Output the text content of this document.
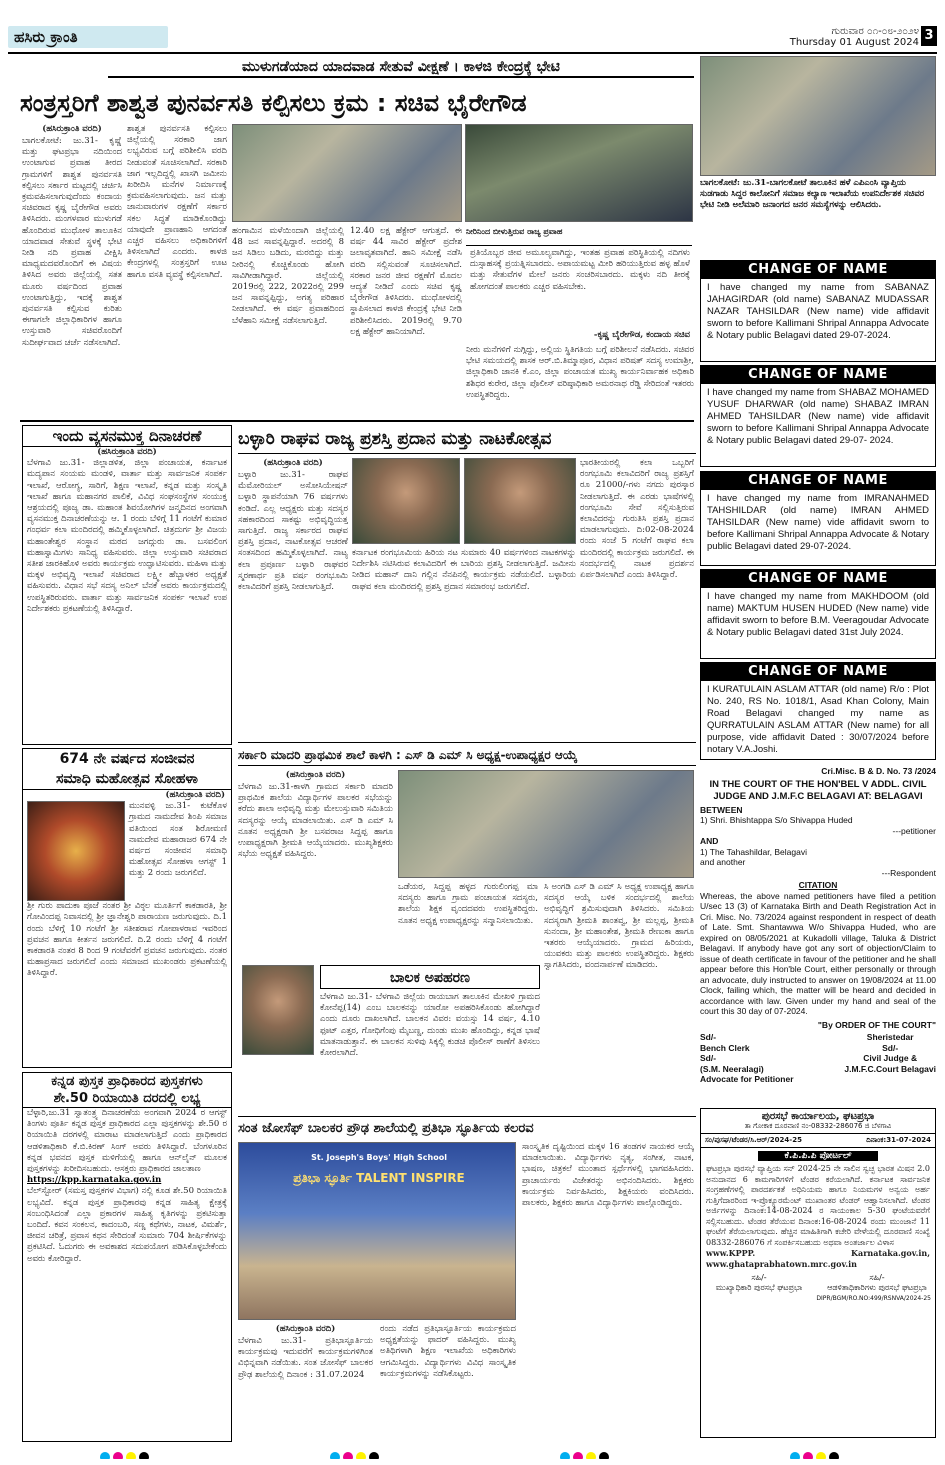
ಹಸಿರು ಕ್ರಾಂತಿ	ಗುರುವಾರ ೦೧-೦೮-೨೦೨೪
Thursday 01 August 2024 3
ಮುಳುಗಡೆಯಾದ ಯಾದವಾಡ ಸೇತುವೆ ವೀಕ್ಷಣೆ । ಕಾಳಜಿ ಕೇಂದ್ರಕ್ಕೆ ಭೇಟಿ
ಸಂತ್ರಸ್ತರಿಗೆ ಶಾಶ್ವತ ಪುನರ್ವಸತಿ ಕಲ್ಪಿಸಲು ಕ್ರಮ : ಸಚಿವ ಭೈರೇಗೌಡ
(ಹಸಿರುಕ್ರಾಂತಿ ವರದಿ)
ಬಾಗಲಕೋಟೆ: ಜು.31- ಕೃಷ್ಣೆ ಮತ್ತು ಘಟಪ್ರಭಾ ನದಿಯಿಂದ ಉಂಟಾಗುವ ಪ್ರವಾಹ ತೀರದ ಗ್ರಾಮಗಳಿಗೆ ಶಾಶ್ವತ ಪುನರ್ವಸತಿ ಕಲ್ಪಿಸಲು ಸರ್ಕಾರ ಮಟ್ಟದಲ್ಲಿ ಚರ್ಚಿಸಿ ಕ್ರಮವಹಿಸಲಾಗುವುದೆಂದು ಕಂದಾಯ ಸಚಿವರಾದ ಕೃಷ್ಣ ಬೈರೇಗೌಡ ಅವರು ತಿಳಿಸಿದರು. ಮಂಗಳವಾರ ಮುಳುಗಡೆ ಹೊಂದಿರುವ ಮುಧೋಳ ತಾಲೂಕಿನ ಯಾದವಾಡ ಸೇತುವೆ ಸ್ಥಳಕ್ಕೆ ಭೇಟಿ ನೀಡಿ ನದಿ ಪ್ರವಾಹ ವೀಕ್ಷಿಸಿ ಮಾಧ್ಯಮದವರೊಂದಿಗೆ ಈ ವಿಷಯ ತಿಳಿಸಿದ ಅವರು ಜಿಲ್ಲೆಯಲ್ಲಿ ಸತತ ಮೂರು ವರ್ಷದಿಂದ ಪ್ರವಾಹ ಉಂಟಾಗುತ್ತಿದ್ದು, ಇದಕ್ಕೆ ಶಾಶ್ವತ ಪುನರ್ವಸತಿ ಕಲ್ಪಿಸುವ ಕುರಿತು ಈಗಾಗಲೇ ಜಿಲ್ಲಾಧಿಕಾರಿಗಳ ಹಾಗೂ ಉಸ್ತುವಾರಿ ಸಚಿವರೊಂದಿಗೆ ಸುದೀರ್ಘವಾದ ಚರ್ಚೆ ನಡೆಸಲಾಗಿದೆ.
ಶಾಶ್ವತ ಪುನರ್ವಸತಿ ಕಲ್ಪಿಸಲು ಜಿಲ್ಲೆಯಲ್ಲಿ ಸರಕಾರಿ ಜಾಗ ಲಭ್ಯವಿರುವ ಬಗ್ಗೆ ಪರಿಶೀಲಿಸಿ ವರದಿ ನೀಡುವಂತೆ ಸೂಚಿಸಲಾಗಿದೆ. ಸರಕಾರಿ ಜಾಗ ಇಲ್ಲದಿದ್ದಲ್ಲಿ ಖಾಸಗಿ ಜಮೀನು ಖರೀದಿಸಿ ಮನೆಗಳ ನಿರ್ಮಾಣಕ್ಕೆ ಕ್ರಮವಹಿಸಲಾಗುವುದು. ಜನ ಮತ್ತು ಜಾನುವಾರುಗಳ ರಕ್ಷಣೆಗೆ ಸರ್ಕಾರ ಸಕಲ ಸಿದ್ಧತೆ ಮಾಡಿಕೊಂಡಿದ್ದು ಯಾವುದೇ ಪ್ರಾಣಹಾನಿ ಆಗದಂತೆ ಎಚ್ಚರ ವಹಿಸಲು ಅಧಿಕಾರಿಗಳಿಗೆ ತಿಳಿಸಲಾಗಿದೆ ಎಂದರು. ಕಾಳಜಿ ಕೇಂದ್ರಗಳಲ್ಲಿ ಸಂತ್ರಸ್ತರಿಗೆ ಊಟ ಹಾಗೂ ವಸತಿ ವ್ಯವಸ್ಥೆ ಕಲ್ಪಿಸಲಾಗಿದೆ.
ಹಂಗಾಮಿನ ಮಳೆಯಿಂದಾಗಿ ಜಿಲ್ಲೆಯಲ್ಲಿ 48 ಜನ ಸಾವನ್ನಪ್ಪಿದ್ದಾರೆ. ಅದರಲ್ಲಿ 8 ಜನ ಸಿಡಿಲು ಬಡಿದು, ಮರಬಿದ್ದು ಮತ್ತು ನೀರಿನಲ್ಲಿ ಕೊಚ್ಚಿಕೊಂಡು ಹೋಗಿ ಸಾವಿಗೀಡಾಗಿದ್ದಾರೆ. ಜಿಲ್ಲೆಯಲ್ಲಿ 2019ರಲ್ಲಿ 222, 2022ರಲ್ಲಿ 299 ಜನ ಸಾವನ್ನಪ್ಪಿದ್ದು, ಅಗತ್ಯ ಪರಿಹಾರ ನೀಡಲಾಗಿದೆ. ಈ ವರ್ಷ ಪ್ರವಾಹದಿಂದ ಬೆಳೆಹಾನಿ ಸಮೀಕ್ಷೆ ನಡೆಸಲಾಗುತ್ತಿದೆ.
12.40 ಲಕ್ಷ ಹೆಕ್ಟೇರ್ ಆಗುತ್ತದೆ. ಈ ವರ್ಷ 44 ಸಾವಿರ ಹೆಕ್ಟೇರ್ ಪ್ರದೇಶ ಜಲಾವೃತವಾಗಿದೆ. ಹಾನಿ ಸಮೀಕ್ಷೆ ನಡೆಸಿ ವರದಿ ಸಲ್ಲಿಸುವಂತೆ ಸೂಚಿಸಲಾಗಿದೆ. ಸರಕಾರ ಜನರ ಜೀವ ರಕ್ಷಣೆಗೆ ಮೊದಲ ಆದ್ಯತೆ ನೀಡಿದೆ ಎಂದು ಸಚಿವ ಕೃಷ್ಣ ಬೈರೇಗೌಡ ತಿಳಿಸಿದರು. ಮುಧೋಳದಲ್ಲಿ ಸ್ಥಾಪಿಸಲಾದ ಕಾಳಜಿ ಕೇಂದ್ರಕ್ಕೆ ಭೇಟಿ ನೀಡಿ ಪರಿಶೀಲಿಸಿದರು. 2019ರಲ್ಲಿ 9.70 ಲಕ್ಷ ಹೆಕ್ಟೇರ್ ಹಾನಿಯಾಗಿದೆ.
ನೀರಿನಿಂದ ಬೀಳುತ್ತಿರುವ ರಾಜ್ಯ ಪ್ರವಾಹ
ಪ್ರತಿಯೊಬ್ಬರ ಜೀವ ಅಮೂಲ್ಯವಾಗಿದ್ದು, ಇಂತಹ ಪ್ರವಾಹ ಪರಿಸ್ಥಿತಿಯಲ್ಲಿ ನದಿಗಳು ದುಸ್ಸಾಹಸಕ್ಕೆ ಪ್ರಯತ್ನಿಸಬಾರದು. ಅಪಾಯಮಟ್ಟ ಮೀರಿ ಹರಿಯುತ್ತಿರುವ ಹಳ್ಳ ಹೊಳೆ ಮತ್ತು ಸೇತುವೆಗಳ ಮೇಲೆ ಜನರು ಸಂಚರಿಸಬಾರದು. ಮಕ್ಕಳು ನದಿ ತೀರಕ್ಕೆ ಹೋಗದಂತೆ ಪಾಲಕರು ಎಚ್ಚರ ವಹಿಸಬೇಕು.
-ಕೃಷ್ಣ ಬೈರೇಗೌಡ, ಕಂದಾಯ ಸಚಿವ
ನೀರು ಮನೆಗಳಿಗೆ ನುಗ್ಗಿದ್ದು, ಅಲ್ಲಿಯ ಸ್ಥಿತಿಗತಿಯ ಬಗ್ಗೆ ಪರಿಶೀಲನೆ ನಡೆಸಿದರು. ಸಚಿವರ ಭೇಟಿ ಸಮಯದಲ್ಲಿ ಶಾಸಕ ಆರ್.ಬಿ.ತಿಮ್ಮಾಪೂರ, ವಿಧಾನ ಪರಿಷತ್ ಸದಸ್ಯ ಉಮಾಶ್ರೀ, ಜಿಲ್ಲಾಧಿಕಾರಿ ಜಾನಕಿ ಕೆ.ಎಂ, ಜಿಲ್ಲಾ ಪಂಚಾಯತ ಮುಖ್ಯ ಕಾರ್ಯನಿರ್ವಾಹಕ ಅಧಿಕಾರಿ ಶಶಿಧರ ಕುರೇರ, ಜಿಲ್ಲಾ ಪೊಲೀಸ್ ವರಿಷ್ಠಾಧಿಕಾರಿ ಅಮರನಾಥ ರೆಡ್ಡಿ ಸೇರಿದಂತೆ ಇತರರು ಉಪಸ್ಥಿತರಿದ್ದರು.
ಬಾಗಲಕೋಟೆ: ಜು.31-ಬಾಗಲಕೋಟೆ ತಾಲೂಕಿನ ಹಳೆ ಎಪಿಎಂಸಿ ವ್ಯಾಪ್ತಿಯ ಸುಡಗಾಡು ಸಿದ್ದರ ಕಾಲೋನಿಗೆ ಸಮಾಜ ಕಲ್ಯಾಣ ಇಲಾಖೆಯ ಉಪನಿರ್ದೇಶಕ ಸಚಿವರ ಭೇಟಿ ನೀಡಿ ಅಲೆಮಾರಿ ಜನಾಂಗದ ಜನರ ಸಮಸ್ಯೆಗಳನ್ನು ಆಲಿಸಿದರು.
CHANGE OF NAME
I have changed my name from SABANAZ JAHAGIRDAR (old name) SABANAZ MUDASSAR NAZAR TAHSILDAR (New name) vide affidavit sworn to before Kallimani Shripal Annappa Advocate & Notary public Belagavi dated 29-07-2024.
CHANGE OF NAME
I have changed my name from SHABAZ MOHAMED YUSUF DHARWAR (old name) SHABAZ IMRAN AHMED TAHSILDAR (New name) vide affidavit sworn to before Kallimani Shripal Annappa Advocate & Notary public Belagavi dated 29-07- 2024.
CHANGE OF NAME
I have changed my name from IMRANAHMED TAHSHILDAR (old name) IMRAN AHMED TAHSILDAR (New name) vide affidavit sworn to before Kallimani Shripal Annappa Advocate & Notary public Belagavi dated 29-07-2024.
CHANGE OF NAME
I have changed my name from MAKHDOOM (old name) MAKTUM HUSEN HUDED (New name) vide affidavit sworn to before B.M. Veeragoudar Advocate & Notary public Belagavi dated 31st July 2024.
CHANGE OF NAME
I KURATULAIN ASLAM ATTAR (old name) R/o : Plot No. 240, RS No. 1018/1, Asad Khan Colony, Main Road Belagavi changed my name as QURRATULAIN ASLAM ATTAR (New name) for all purpose, vide affidavit Dated : 30/07/2024 before notary V.A.Joshi.
Cri.Misc. B & D. No. 73 /2024
IN THE COURT OF THE HON'BEL V ADDL. CIVIL JUDGE AND J.M.F.C BELAGAVI AT: BELAGAVI
BETWEEN
1) Shri. Bhishtappa S/o Shivappa Huded
---petitioner
AND
1) The Tahashildar, Belagavi
and another
---Respondent
CITATION
Whereas, the above named petitioners have filed a petition U/sec 13 (3) of Karnataka Birth and Death Registration Act in Cri. Misc. No. 73/2024 against respondent in respect of death of Late. Smt. Shantawwa W/o Shivappa Huded, who are expired on 08/05/2021 at Kukadolli village, Taluka & District Belagavi. If anybody have got any sort of objection/Claim to issue of death certificate in favour of the petitioner and he shall appear before this Hon'ble Court, either personally or through an advocate, duly instructed to answer on 19/08/2024 at 11.00 Clock, failing which, the matter will be heard and decided in accordance with law. Given under my hand and seal of the court this 30 day of 07-2024.
"By ORDER OF THE COURT"
Sd/-
Bench Clerk
Sd/-
(S.M. Neeralagi)
Advocate for Petitioner
Sheristedar
Sd/-
Civil Judge &
J.M.F.C.Court Belagavi
ಪುರಸಭೆ ಕಾರ್ಯಾಲಯ, ಘಟಪ್ರಭಾ
ತಾ ಗೋಕಾಕ ದೂರವಾಣಿ ನಂ-08332-286076 ಜಿ ಬೆಳಗಾವಿ
ಸಂ/ಪುಸಘ/ಟೆಂಡರ/ಸಿ.ಆರ್/2024-25	ದಿನಾಂಕ:31-07-2024
ಕೆ.ಪಿ.ಪಿ.ಪಿ ಪೋರ್ಟಲ್
ಘಟಪ್ರಭಾ ಪುರಸಭೆ ವ್ಯಾಪ್ತಿಯ ಸನ್ 2024-25 ನೇ ಸಾಲಿನ ಸ್ವಚ್ಛ ಭಾರತ ಮಿಷನ 2.0 ಅನುದಾನದ 6 ಕಾಮಗಾರಿಗಳಿಗೆ ಟೆಂಡರ ಕರೆಯಲಾಗಿದೆ. ಕರ್ನಾಟಕ ಸಾರ್ವಜನಿಕ ಸಂಗ್ರಹಣೆಗಳಲ್ಲಿ ಪಾರದರ್ಶಕತೆ ಅಧಿನಿಯಮ ಹಾಗೂ ನಿಯಮಗಳ ಅನ್ವಯ ಅರ್ಹ ಗುತ್ತಿಗೆದಾರರಿಂದ ಇ-ಪ್ರೊಕ್ಯೂರಮೆಂಟ್ ಮುಖಾಂತರ ಟೆಂಡರ್ ಆಹ್ವಾನಿಸಲಾಗಿದೆ. ಟೆಂಡರ ಅರ್ಜಿಗಳನ್ನು ದಿನಾಂಕ:14-08-2024 ರ ಸಾಯಂಕಾಲ 5-30 ಘಂಟೆಯವರೆಗೆ ಸಲ್ಲಿಸಬಹುದು. ಟೆಂಡರ ತೆರೆಯುವ ದಿನಾಂಕ:16-08-2024 ರಂದು ಮುಂಜಾನೆ 11 ಘಂಟೆಗೆ ತೆರೆಯಲಾಗುವುದು. ಹೆಚ್ಚಿನ ಮಾಹಿತಿಗಾಗಿ ಕಚೇರಿ ವೇಳೆಯಲ್ಲಿ ದೂರವಾಣಿ ಸಂಖ್ಯೆ 08332-286076 ಗೆ ಸಂಪರ್ಕಿಸಬಹುದು ಅಥವಾ ಅಂತರ್ಜಾಲ ವಿಳಾಸ
www.KPPP. Karnataka.gov.in, www.ghataprabhatown.mrc.gov.in
ಸಹಿ/-
ಮುಖ್ಯಾಧಿಕಾರಿ ಪುರಸಭೆ ಘಟಪ್ರಭಾ
ಸಹಿ/-
ಆಡಳಿತಾಧಿಕಾರಿಗಳು ಪುರಸಭೆ ಘಟಪ್ರಭಾ
DIPR/BGM/RO.NO:499/RSNVA/2024-25
ಇಂದು ವ್ಯಸನಮುಕ್ತ ದಿನಾಚರಣೆ
(ಹಸಿರುಕ್ರಾಂತಿ ವರದಿ)
ಬೆಳಗಾವಿ ಜು.31- ಜಿಲ್ಲಾಡಳಿತ, ಜಿಲ್ಲಾ ಪಂಚಾಯತ, ಕರ್ನಾಟಕ ಮದ್ಯಪಾನ ಸಂಯಮ ಮಂಡಳಿ, ವಾರ್ತಾ ಮತ್ತು ಸಾರ್ವಜನಿಕ ಸಂಪರ್ಕ ಇಲಾಖೆ, ಆರೋಗ್ಯ, ಸಾರಿಗೆ, ಶಿಕ್ಷಣ ಇಲಾಖೆ, ಕನ್ನಡ ಮತ್ತು ಸಂಸ್ಕೃತಿ ಇಲಾಖೆ ಹಾಗೂ ಮಹಾನಗರ ಪಾಲಿಕೆ, ವಿವಿಧ ಸಂಘಸಂಸ್ಥೆಗಳ ಸಂಯುಕ್ತ ಆಶ್ರಯದಲ್ಲಿ ಪೂಜ್ಯ ಡಾ. ಮಹಾಂತ ಶಿವಯೋಗಿಗಳ ಜನ್ಮದಿನದ ಅಂಗವಾಗಿ ವ್ಯಸನಮುಕ್ತ ದಿನಾಚರಣೆಯನ್ನು ಆ. 1 ರಂದು ಬೆಳಿಗ್ಗೆ 11 ಗಂಟೆಗೆ ಕುಮಾರ ಗಂಧರ್ವ ಕಲಾ ಮಂದಿರದಲ್ಲಿ ಹಮ್ಮಿಕೊಳ್ಳಲಾಗಿದೆ. ಚಿತ್ರದುರ್ಗ ಶ್ರೀ ವಿಜಯ ಮಹಾಂತೇಶ್ವರ ಸಂಸ್ಥಾನ ಮಠದ ಜಗದ್ಗುರು ಡಾ. ಬಸವಲಿಂಗ ಮಹಾಸ್ವಾಮಿಗಳು ಸಾನಿಧ್ಯ ವಹಿಸುವರು. ಜಿಲ್ಲಾ ಉಸ್ತುವಾರಿ ಸಚಿವರಾದ ಸತೀಶ ಜಾರಕಿಹೊಳಿ ಅವರು ಕಾರ್ಯಕ್ರಮ ಉದ್ಘಾಟಿಸುವರು. ಮಹಿಳಾ ಮತ್ತು ಮಕ್ಕಳ ಅಭಿವೃದ್ಧಿ ಇಲಾಖೆ ಸಚಿವರಾದ ಲಕ್ಷ್ಮೀ ಹೆಬ್ಬಾಳಕರ ಅಧ್ಯಕ್ಷತೆ ವಹಿಸುವರು. ವಿಧಾನ ಸಭೆ ಸದಸ್ಯ ಅನಿಲ್ ಬೆನಕೆ ಅವರು ಕಾರ್ಯಕ್ರಮದಲ್ಲಿ ಉಪಸ್ಥಿತರಿರುವರು. ವಾರ್ತಾ ಮತ್ತು ಸಾರ್ವಜನಿಕ ಸಂಪರ್ಕ ಇಲಾಖೆ ಉಪ ನಿರ್ದೇಶಕರು ಪ್ರಕಟಣೆಯಲ್ಲಿ ತಿಳಿಸಿದ್ದಾರೆ.
674 ನೇ ವರ್ಷದ ಸಂಜೀವನ
ಸಮಾಧಿ ಮಹೋತ್ಸವ ಸೋಹಳಾ
(ಹಸಿರುಕ್ರಾಂತಿ ವರದಿ)
ಮುನವಳ್ಳಿ ಜು.31- ಕುಟೆಕೊಳ ಗ್ರಾಮದ ನಾಮದೇವ ಶಿಂಪಿ ಸಮಾಜ ವತಿಯಿಂದ ಸಂತ ಶಿರೋಮಣಿ ನಾಮದೇವ ಮಹಾರಾಜರ 674 ನೇ ವರ್ಷದ ಸಂಜೀವನ ಸಮಾಧಿ ಮಹೋತ್ಸವ ಸೋಹಳಾ ಆಗಸ್ಟ್ 1 ಮತ್ತು 2 ರಂದು ಜರುಗಲಿದೆ.
ಶ್ರೀ ಗುರು ಪಾದುಕಾ ಪೂಜೆ ನಂತರ ಶ್ರೀ ವಿಠ್ಠಲ ಮೂರ್ತಿಗೆ ಕಾಕಡಾರತಿ, ಶ್ರೀ ಗೋವಿಂದಪ್ಪ ನಿವಾಸದಲ್ಲಿ ಶ್ರೀ ಜ್ಞಾನೇಶ್ವರಿ ಪಾರಾಯಣ ಜರುಗುವುದು. ದಿ.1 ರಂದು ಬೆಳಿಗ್ಗೆ 10 ಗಂಟೆಗೆ ಶ್ರೀ ಸತೀಶರಾವ ಗೋಪಾಳರಾವ ಇವರಿಂದ ಪ್ರವಚನ ಹಾಗೂ ಕೀರ್ತನ ಜರುಗಲಿದೆ. ದಿ.2 ರಂದು ಬೆಳಿಗ್ಗೆ 4 ಗಂಟೆಗೆ ಕಾಕಡಾರತಿ ನಂತರ 8 ರಿಂದ 9 ಗಂಟೆವರೆಗೆ ಪ್ರವಚನ ಜರುಗುವುದು. ನಂತರ ಮಹಾಪ್ರಸಾದ ಜರುಗಲಿದೆ ಎಂದು ಸಮಾಜದ ಮುಖಂಡರು ಪ್ರಕಟಣೆಯಲ್ಲಿ ತಿಳಿಸಿದ್ದಾರೆ.
ಕನ್ನಡ ಪುಸ್ತಕ ಪ್ರಾಧಿಕಾರದ ಪುಸ್ತಕಗಳು
ಶೇ.50 ರಿಯಾಯಿತಿ ದರದಲ್ಲಿ ಲಭ್ಯ
ಬೆಳ್ಳಾರಿ,ಜು.31 ಸ್ವಾತಂತ್ರ್ಯ ದಿನಾಚರಣೆಯ ಅಂಗವಾಗಿ 2024 ರ ಆಗಸ್ಟ್ ತಿಂಗಳು ಪೂರ್ತಿ ಕನ್ನಡ ಪುಸ್ತಕ ಪ್ರಾಧಿಕಾರದ ಎಲ್ಲಾ ಪುಸ್ತಕಗಳನ್ನು ಶೇ.50 ರ ರಿಯಾಯಿತಿ ದರಗಳಲ್ಲಿ ಮಾರಾಟ ಮಾಡಲಾಗುತ್ತಿದೆ ಎಂದು ಪ್ರಾಧಿಕಾರದ ಆಡಳಿತಾಧಿಕಾರಿ ಕೆ.ಬಿ.ಕಿರಣ್ ಸಿಂಗ್ ಅವರು ತಿಳಿಸಿದ್ದಾರೆ. ಬೆಂಗಳೂರಿನ ಕನ್ನಡ ಭವನದ ಪುಸ್ತಕ ಮಳಿಗೆಯಲ್ಲಿ ಹಾಗೂ ಆನ್‌ಲೈನ್ ಮೂಲಕ ಪುಸ್ತಕಗಳನ್ನು ಖರೀದಿಸಬಹುದು. ಆಸಕ್ತರು ಪ್ರಾಧಿಕಾರದ ಜಾಲತಾಣ
https://kpp.karnataka.gov.in
ಬೆಲ್‌ಸ್ಟೋರ್ (ಸಮಸ್ತ ಪುಸ್ತಕಗಳ ವಿಭಾಗ) ನಲ್ಲಿ ಕೂಡ ಶೇ.50 ರಿಯಾಯಿತಿ ಲಭ್ಯವಿದೆ. ಕನ್ನಡ ಪುಸ್ತಕ ಪ್ರಾಧಿಕಾರವು ಕನ್ನಡ ಸಾಹಿತ್ಯ ಕ್ಷೇತ್ರಕ್ಕೆ ಸಂಬಂಧಿಸಿದಂತೆ ಎಲ್ಲಾ ಪ್ರಕಾರಗಳ ಸಾಹಿತ್ಯ ಕೃತಿಗಳನ್ನು ಪ್ರಕಟಿಸುತ್ತಾ ಬಂದಿದೆ. ಕವನ ಸಂಕಲನ, ಕಾದಂಬರಿ, ಸಣ್ಣ ಕಥೆಗಳು, ನಾಟಕ, ವಿಮರ್ಶೆ, ಜೀವನ ಚರಿತ್ರೆ, ಪ್ರವಾಸ ಕಥನ ಸೇರಿದಂತೆ ಸುಮಾರು 704 ಶೀರ್ಷಿಕೆಗಳನ್ನು ಪ್ರಕಟಿಸಿದೆ. ಓದುಗರು ಈ ಅವಕಾಶದ ಸದುಪಯೋಗ ಪಡಿಸಿಕೊಳ್ಳಬೇಕೆಂದು ಅವರು ಕೋರಿದ್ದಾರೆ.
ಬಳ್ಳಾರಿ ರಾಘವ ರಾಜ್ಯ ಪ್ರಶಸ್ತಿ ಪ್ರದಾನ ಮತ್ತು ನಾಟಕೋತ್ಸವ
(ಹಸಿರುಕ್ರಾಂತಿ ವರದಿ)
ಬಳ್ಳಾರಿ ಜು.31- ರಾಘವ ಮೆಮೋರಿಯಲ್ ಅಸೋಸಿಯೇಷನ್ ಬಳ್ಳಾರಿ ಸ್ಥಾಪನೆಯಾಗಿ 76 ವರ್ಷಗಳು ಕಂಡಿದೆ. ಎಲ್ಲ ಆಧ್ಯಕ್ಷರು ಮತ್ತು ಸದಸ್ಯರ ಸಹಕಾರದಿಂದ ಸಾಕಷ್ಟು ಅಭಿವೃದ್ಧಿಯತ್ತ ಸಾಗುತ್ತಿದೆ. ರಾಜ್ಯ ಸರ್ಕಾರದ ರಾಘವ ಪ್ರಶಸ್ತಿ ಪ್ರದಾನ, ನಾಟಕೋತ್ಸವ ಆಚರಣೆ ಸಂತಸದಿಂದ ಹಮ್ಮಿಕೊಳ್ಳಲಾಗಿದೆ. ನಾಟ್ಯ ಕಲಾ ಪ್ರಪೂರ್ಣ ಬಳ್ಳಾರಿ ರಾಘವರ ಸ್ಮರಣಾರ್ಥ ಪ್ರತಿ ವರ್ಷ ರಂಗಭೂಮಿ ಕಲಾವಿದರಿಗೆ ಪ್ರಶಸ್ತಿ ನೀಡಲಾಗುತ್ತಿದೆ.
ಕರ್ನಾಟಕ ರಂಗಭೂಮಿಯ ಹಿರಿಯ ನಟ ಸುಮಾರು 40 ವರ್ಷಗಳಿಂದ ನಾಟಕಗಳನ್ನು ನಿರ್ದೇಶಿಸಿ ನಟಿಸಿರುವ ಕಲಾವಿದರಿಗೆ ಈ ಬಾರಿಯ ಪ್ರಶಸ್ತಿ ನೀಡಲಾಗುತ್ತಿದೆ. ಜಮೀನು ನೀಡಿದ ಮಹಾನ್ ದಾನಿ ಗಲ್ಲಿನ ನೆನಪಿನಲ್ಲಿ ಕಾರ್ಯಕ್ರಮ ನಡೆಯಲಿದೆ. ಬಳ್ಳಾರಿಯ ರಾಘವ ಕಲಾ ಮಂದಿರದಲ್ಲಿ ಪ್ರಶಸ್ತಿ ಪ್ರದಾನ ಸಮಾರಂಭ ಜರುಗಲಿದೆ.
ಭಾರತೀಯರಲ್ಲಿ ಕಲಾ ಒಬ್ಬರಿಗೆ ರಂಗಭೂಮಿ ಕಲಾವಿದರಿಗೆ ರಾಜ್ಯ ಪ್ರಶಸ್ತಿಗೆ ರೂ 21000/-ಗಳು ನಗದು ಪುರಸ್ಕಾರ ನೀಡಲಾಗುತ್ತಿದೆ. ಈ ಎರಡು ಭಾಷೆಗಳಲ್ಲಿ ರಂಗಭೂಮಿ ಸೇವೆ ಸಲ್ಲಿಸುತ್ತಿರುವ ಕಲಾವಿದರನ್ನು ಗುರುತಿಸಿ ಪ್ರಶಸ್ತಿ ಪ್ರದಾನ ಮಾಡಲಾಗುವುದು. ದಿ:02-08-2024 ರಂದು ಸಂಜೆ 5 ಗಂಟೆಗೆ ರಾಘವ ಕಲಾ ಮಂದಿರದಲ್ಲಿ ಕಾರ್ಯಕ್ರಮ ಜರುಗಲಿದೆ. ಈ ಸಂದರ್ಭದಲ್ಲಿ ನಾಟಕ ಪ್ರದರ್ಶನ ಏರ್ಪಡಿಸಲಾಗಿದೆ ಎಂದು ತಿಳಿಸಿದ್ದಾರೆ.
ಸರ್ಕಾರಿ ಮಾದರಿ ಪ್ರಾಥಮಿಕ ಶಾಲೆ ಕಾಳಗಿ : ಎಸ್ ಡಿ ಎಮ್ ಸಿ ಅಧ್ಯಕ್ಷ-ಉಪಾಧ್ಯಕ್ಷರ ಆಯ್ಕೆ
(ಹಸಿರುಕ್ರಾಂತಿ ವರದಿ)
ಬೆಳಗಾವಿ ಜು.31-ಕಾಳಗಿ ಗ್ರಾಮದ ಸರ್ಕಾರಿ ಮಾದರಿ ಪ್ರಾಥಮಿಕ ಶಾಲೆಯ ವಿದ್ಯಾರ್ಥಿಗಳ ಪಾಲಕರ ಸಭೆಯನ್ನು ಕರೆದು ಶಾಲಾ ಅಭಿವೃದ್ಧಿ ಮತ್ತು ಮೇಲುಸ್ತುವಾರಿ ಸಮಿತಿಯ ಸದಸ್ಯರನ್ನು ಆಯ್ಕೆ ಮಾಡಲಾಯಿತು. ಎಸ್ ಡಿ ಎಮ್ ಸಿ ನೂತನ ಅಧ್ಯಕ್ಷರಾಗಿ ಶ್ರೀ ಬಸವರಾಜ ಸಿದ್ದಪ್ಪ ಹಾಗೂ ಉಪಾಧ್ಯಕ್ಷರಾಗಿ ಶ್ರೀಮತಿ ಆಯ್ಕೆಯಾದರು. ಮುಖ್ಯಶಿಕ್ಷಕರು ಸಭೆಯ ಅಧ್ಯಕ್ಷತೆ ವಹಿಸಿದ್ದರು.
ಒಡೆಯರ, ಸಿದ್ದಪ್ಪ ಹಳ್ಳದ ಗುರುಲಿಂಗಪ್ಪ ಮಾ ಸದಸ್ಯರು ಹಾಗೂ ಗ್ರಾಮ ಪಂಚಾಯತ ಸದಸ್ಯರು, ಶಾಲೆಯ ಶಿಕ್ಷಕ ವೃಂದದವರು ಉಪಸ್ಥಿತರಿದ್ದರು. ನೂತನ ಅಧ್ಯಕ್ಷ ಉಪಾಧ್ಯಕ್ಷರನ್ನು ಸನ್ಮಾನಿಸಲಾಯಿತು.
ಸಿ ಅಂಗಡಿ ಎಸ್ ಡಿ ಎಮ್ ಸಿ ಅಧ್ಯಕ್ಷ ಉಪಾಧ್ಯಕ್ಷ ಹಾಗೂ ಸದಸ್ಯರ ಆಯ್ಕೆ ಬಳಿಕ ಸಂದರ್ಭದಲ್ಲಿ ಶಾಲೆಯ ಅಭಿವೃದ್ಧಿಗೆ ಶ್ರಮಿಸುವುದಾಗಿ ತಿಳಿಸಿದರು. ಸಮಿತಿಯ ಸದಸ್ಯರಾಗಿ ಶ್ರೀಮತಿ ಶಾಂತವ್ವ, ಶ್ರೀ ಮಲ್ಲಪ್ಪ, ಶ್ರೀಮತಿ ಸುನಂದಾ, ಶ್ರೀ ಮಹಾಂತೇಶ, ಶ್ರೀಮತಿ ರೇಣುಕಾ ಹಾಗೂ ಇತರರು ಆಯ್ಕೆಯಾದರು. ಗ್ರಾಮದ ಹಿರಿಯರು, ಯುವಕರು ಮತ್ತು ಪಾಲಕರು ಉಪಸ್ಥಿತರಿದ್ದರು. ಶಿಕ್ಷಕರು ಸ್ವಾಗತಿಸಿದರು, ವಂದನಾರ್ಪಣೆ ಮಾಡಿದರು.
ಬಾಲಕ ಅಪಹರಣ
ಬೆಳಗಾವಿ ಜು.31- ಬೆಳಗಾವಿ ಜಿಲ್ಲೆಯ ರಾಯಬಾಗ ತಾಲೂಕಿನ ಮೇಖಳಿ ಗ್ರಾಮದ ಕೋನೆಪ್ಪ(14) ಎಂಬ ಬಾಲಕನನ್ನು ಯಾರೋ ಅಪಹರಿಸಿಕೊಂಡು ಹೋಗಿದ್ದಾರೆ ಎಂದು ದೂರು ದಾಖಲಾಗಿದೆ. ಬಾಲಕನ ವಿವರ: ವಯಸ್ಸು 14 ವರ್ಷ, 4.10 ಫೂಟ್ ಎತ್ತರ, ಗೋಧಿಗೆಂಪು ಮೈಬಣ್ಣ, ದುಂಡು ಮುಖ ಹೊಂದಿದ್ದು, ಕನ್ನಡ ಭಾಷೆ ಮಾತನಾಡುತ್ತಾನೆ. ಈ ಬಾಲಕನ ಸುಳಿವು ಸಿಕ್ಕಲ್ಲಿ ಕುಡಚಿ ಪೊಲೀಸ್ ಠಾಣೆಗೆ ತಿಳಿಸಲು ಕೋರಲಾಗಿದೆ.
ಸಂತ ಜೋಸೆಫ್ ಬಾಲಕರ ಪ್ರೌಢ ಶಾಲೆಯಲ್ಲಿ ಪ್ರತಿಭಾ ಸ್ಫೂರ್ತಿಯ ಕಲರವ
St. Joseph's Boys' High School
ಪ್ರತಿಭಾ ಸ್ಫೂರ್ತಿ TALENT INSPIRE
(ಹಸಿರುಕ್ರಾಂತಿ ವರದಿ)
ಬೆಳಗಾವಿ ಜು.31- ಪ್ರತಿಭಾಸ್ಫೂರ್ತಿಯ ಕಾರ್ಯಕ್ರಮವು ಇದುವರೆಗೆ ಕಾರ್ಯಕ್ರಮಗಳಿಗಿಂತ ವಿಭಿನ್ನವಾಗಿ ನಡೆಯಿತು. ಸಂತ ಜೋಸೆಫ್ ಬಾಲಕರ ಪ್ರೌಢ ಶಾಲೆಯಲ್ಲಿ ದಿನಾಂಕ : 31.07.2024
ರಂದು ನಡೆದ ಪ್ರತಿಭಾಸ್ಫೂರ್ತಿಯ ಕಾರ್ಯಕ್ರಮದ ಅಧ್ಯಕ್ಷತೆಯನ್ನು ಫಾದರ್ ವಹಿಸಿದ್ದರು. ಮುಖ್ಯ ಅತಿಥಿಗಳಾಗಿ ಶಿಕ್ಷಣ ಇಲಾಖೆಯ ಅಧಿಕಾರಿಗಳು ಆಗಮಿಸಿದ್ದರು. ವಿದ್ಯಾರ್ಥಿಗಳು ವಿವಿಧ ಸಾಂಸ್ಕೃತಿಕ ಕಾರ್ಯಕ್ರಮಗಳನ್ನು ನಡೆಸಿಕೊಟ್ಟರು.
ಸಾಂಸ್ಕೃತಿಕ ದೃಷ್ಟಿಯಿಂದ ಮಕ್ಕಳ 16 ತಂಡಗಳ ನಾಯಕರ ಆಯ್ಕೆ ಮಾಡಲಾಯಿತು. ವಿದ್ಯಾರ್ಥಿಗಳು ನೃತ್ಯ, ಸಂಗೀತ, ನಾಟಕ, ಭಾಷಣ, ಚಿತ್ರಕಲೆ ಮುಂತಾದ ಸ್ಪರ್ಧೆಗಳಲ್ಲಿ ಭಾಗವಹಿಸಿದರು. ಪ್ರಾಚಾರ್ಯರು ವಿಜೇತರನ್ನು ಅಭಿನಂದಿಸಿದರು. ಶಿಕ್ಷಕರು ಕಾರ್ಯಕ್ರಮ ನಿರ್ವಹಿಸಿದರು, ಶಿಕ್ಷಕಿಯರು ವಂದಿಸಿದರು. ಪಾಲಕರು, ಶಿಕ್ಷಕರು ಹಾಗೂ ವಿದ್ಯಾರ್ಥಿಗಳು ಪಾಲ್ಗೊಂಡಿದ್ದರು.
